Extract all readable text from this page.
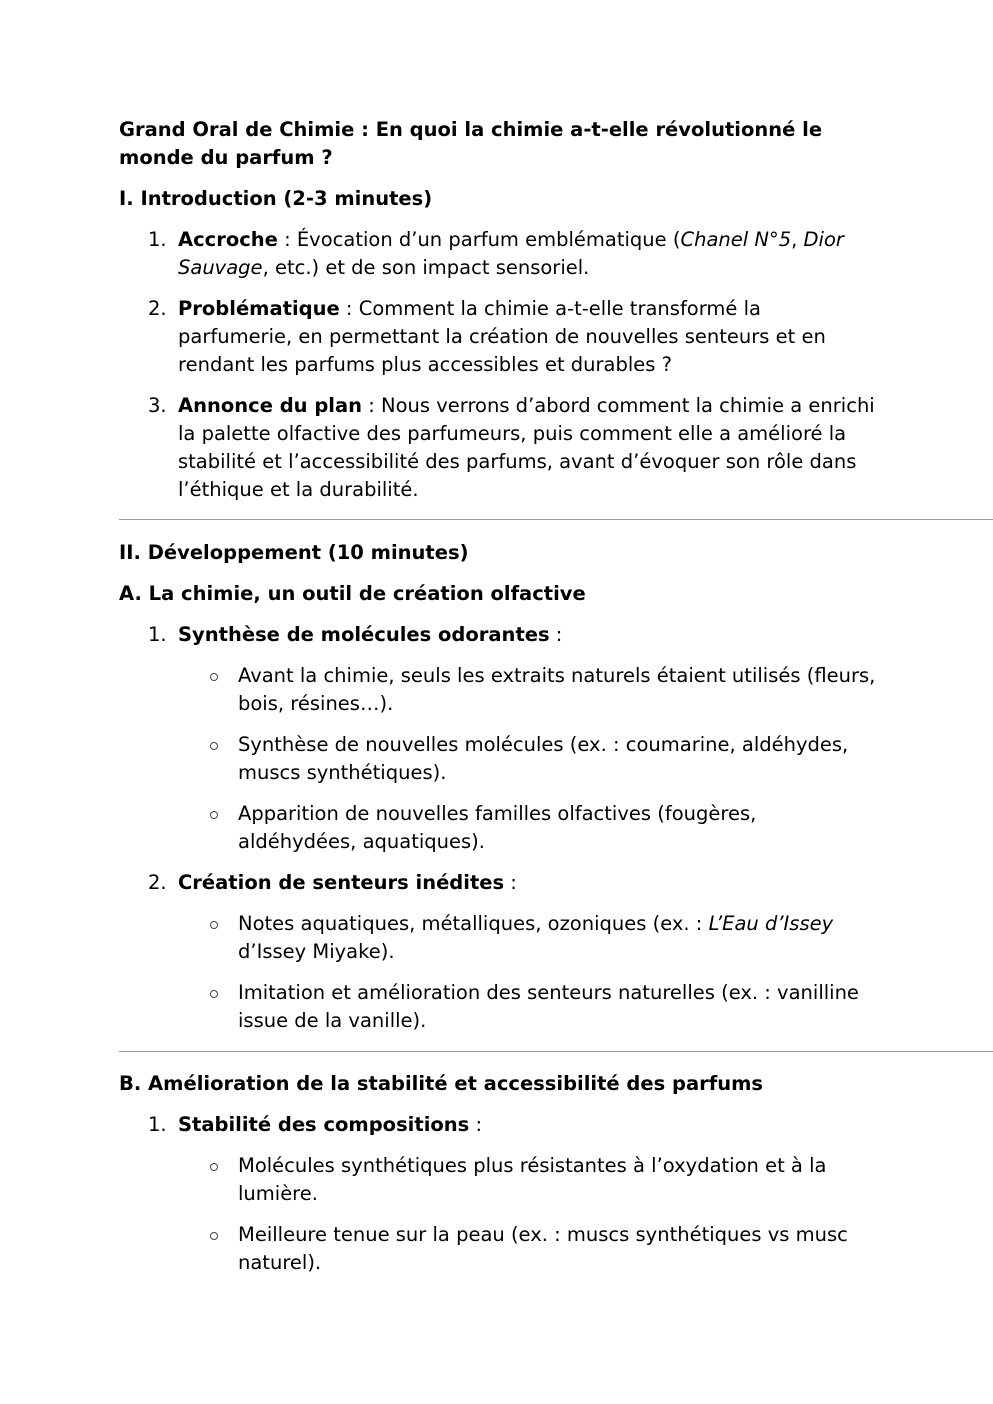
Grand Oral de Chimie : En quoi la chimie a-t-elle révolutionné le
monde du parfum ?

I. Introduction (2-3 minutes)

1. Accroche : Évocation d’un parfum emblématique (Chanel N°5, Dior Sauvage, etc.) et de son impact sensoriel.
2. Problématique : Comment la chimie a-t-elle transformé la parfumerie, en permettant la création de nouvelles senteurs et en rendant les parfums plus accessibles et durables ?
3. Annonce du plan : Nous verrons d’abord comment la chimie a enrichi la palette olfactive des parfumeurs, puis comment elle a amélioré la stabilité et l’accessibilité des parfums, avant d’évoquer son rôle dans l’éthique et la durabilité.

II. Développement (10 minutes)

A. La chimie, un outil de création olfactive

1. Synthèse de molécules odorantes :
Avant la chimie, seuls les extraits naturels étaient utilisés (fleurs, bois, résines…).
Synthèse de nouvelles molécules (ex. : coumarine, aldéhydes, muscs synthétiques).
Apparition de nouvelles familles olfactives (fougères, aldéhydées, aquatiques).
2. Création de senteurs inédites :
Notes aquatiques, métalliques, ozoniques (ex. : L’Eau d’Issey d’Issey Miyake).
Imitation et amélioration des senteurs naturelles (ex. : vanilline issue de la vanille).

B. Amélioration de la stabilité et accessibilité des parfums

1. Stabilité des compositions :
Molécules synthétiques plus résistantes à l’oxydation et à la lumière.
Meilleure tenue sur la peau (ex. : muscs synthétiques vs musc naturel).
